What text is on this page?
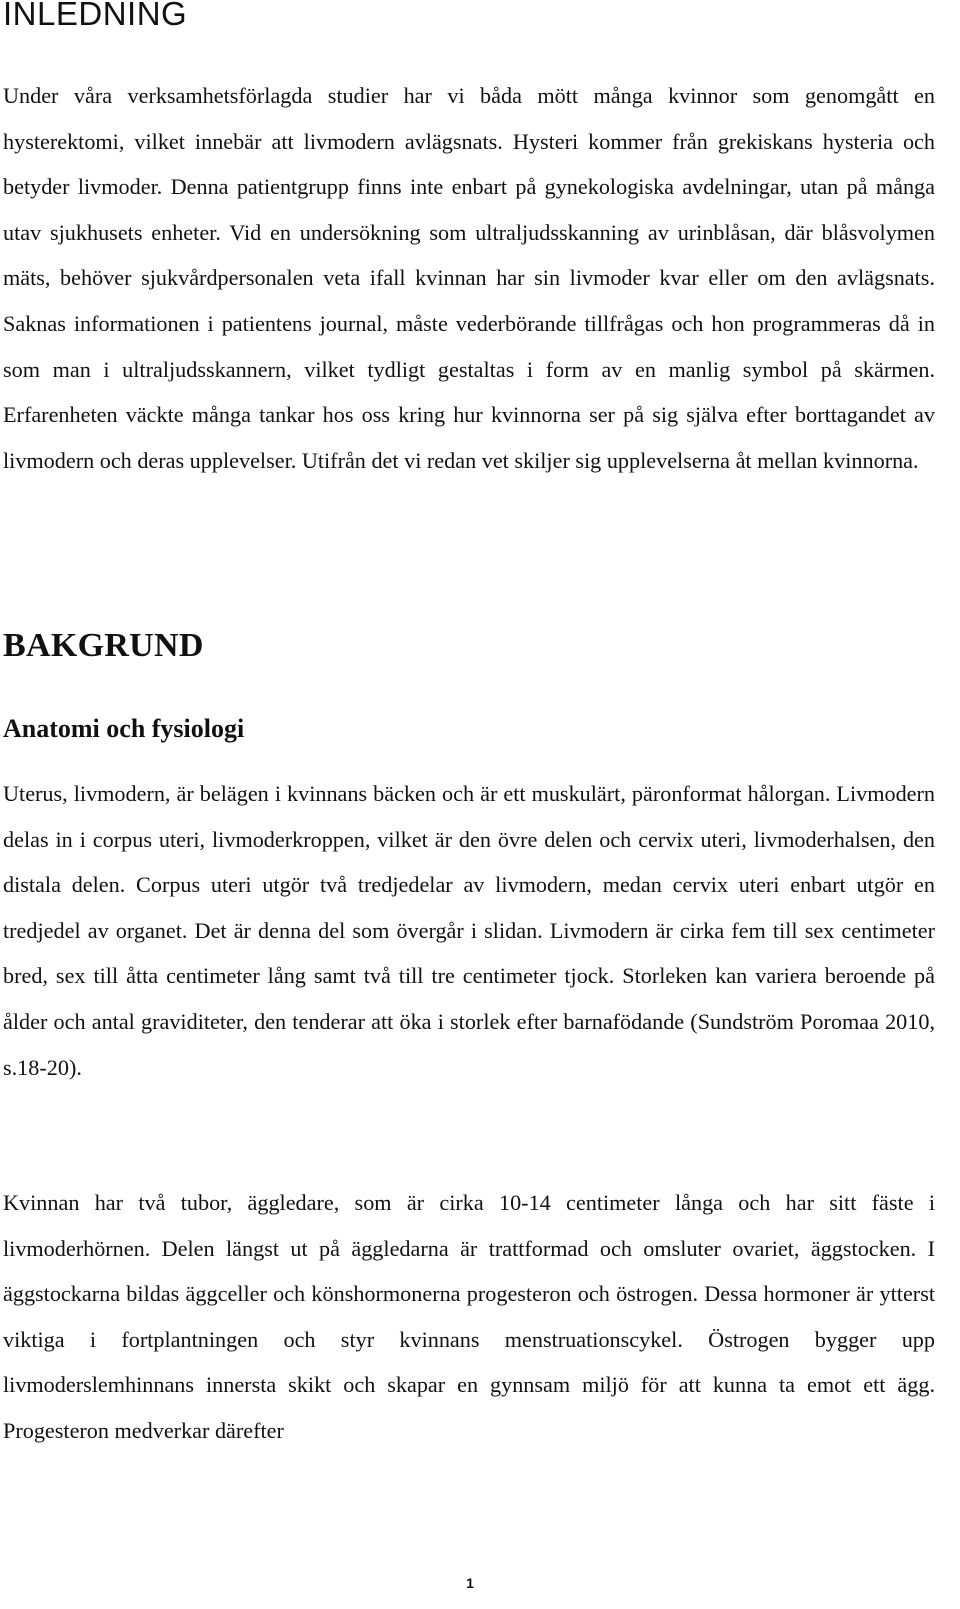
INLEDNING

Under våra verksamhetsförlagda studier har vi båda mött många kvinnor som genomgått en hysterektomi, vilket innebär att livmodern avlägsnats. Hysteri kommer från grekiskans hysteria och betyder livmoder. Denna patientgrupp finns inte enbart på gynekologiska avdelningar, utan på många utav sjukhusets enheter. Vid en undersökning som ultraljudsskanning av urinblåsan, där blåsvolymen mäts, behöver sjukvårdpersonalen veta ifall kvinnan har sin livmoder kvar eller om den avlägsnats. Saknas informationen i patientens journal, måste vederbörande tillfrågas och hon programmeras då in som man i ultraljudsskannern, vilket tydligt gestaltas i form av en manlig symbol på skärmen. Erfarenheten väckte många tankar hos oss kring hur kvinnorna ser på sig själva efter borttagandet av livmodern och deras upplevelser. Utifrån det vi redan vet skiljer sig upplevelserna åt mellan kvinnorna.

BAKGRUND
Anatomi och fysiologi

Uterus, livmodern, är belägen i kvinnans bäcken och är ett muskulärt, päronformat hålorgan. Livmodern delas in i corpus uteri, livmoderkroppen, vilket är den övre delen och cervix uteri, livmoderhalsen, den distala delen. Corpus uteri utgör två tredjedelar av livmodern, medan cervix uteri enbart utgör en tredjedel av organet. Det är denna del som övergår i slidan. Livmodern är cirka fem till sex centimeter bred, sex till åtta centimeter lång samt två till tre centimeter tjock. Storleken kan variera beroende på ålder och antal graviditeter, den tenderar att öka i storlek efter barnafödande (Sundström Poromaa 2010, s.18-20).

Kvinnan har två tubor, äggledare, som är cirka 10-14 centimeter långa och har sitt fäste i livmoderhörnen. Delen längst ut på äggledarna är trattformad och omsluter ovariet, äggstocken. I äggstockarna bildas äggceller och könshormonerna progesteron och östrogen. Dessa hormoner är ytterst viktiga i fortplantningen och styr kvinnans menstruationscykel. Östrogen bygger upp livmoderslemhinnans innersta skikt och skapar en gynnsam miljö för att kunna ta emot ett ägg. Progesteron medverkar därefter

1
